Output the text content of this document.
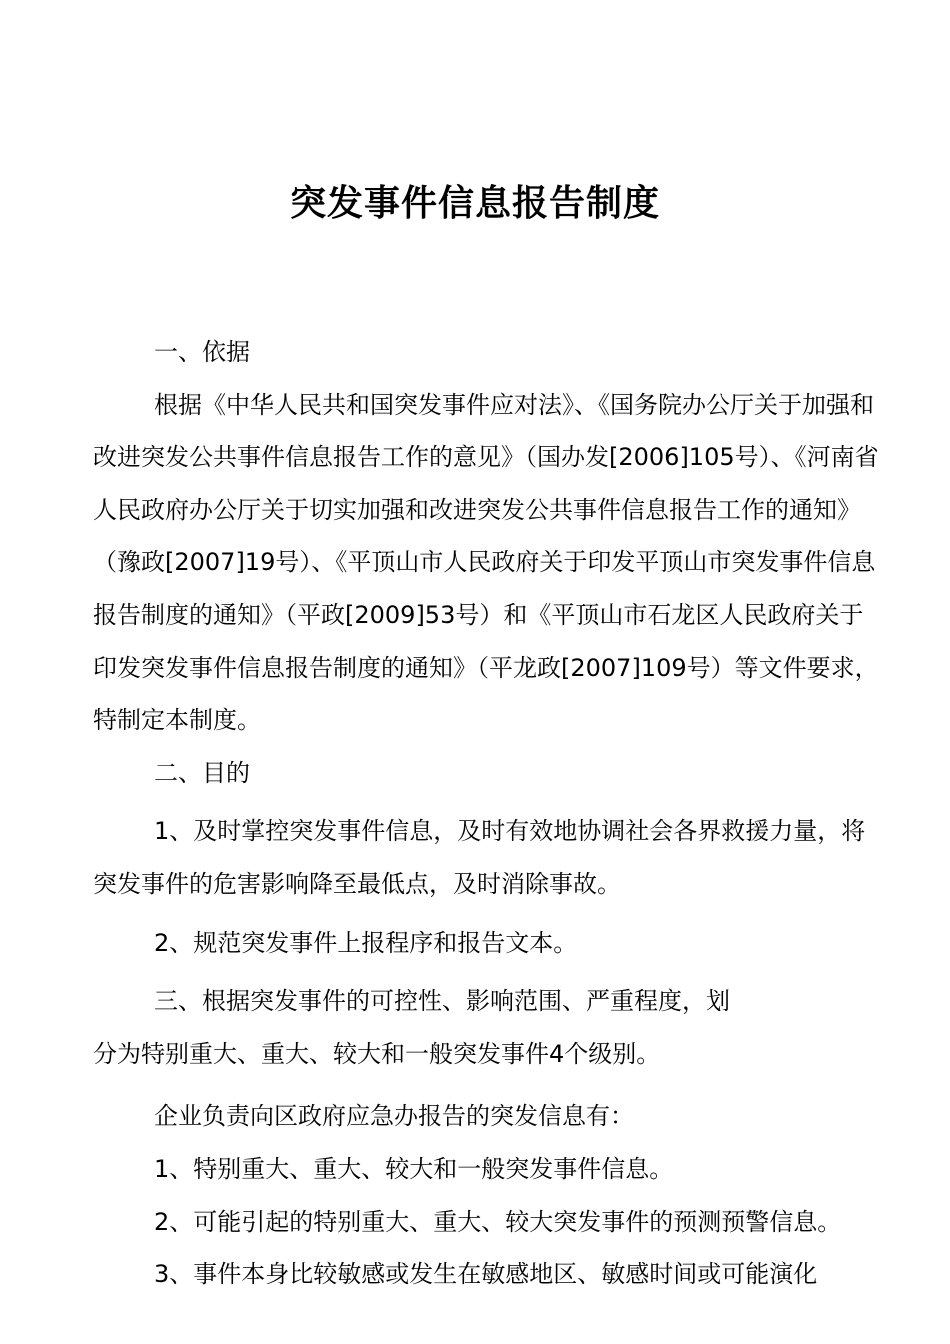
突发事件信息报告制度

一、依据

根据《中华人民共和国突发事件应对法》、《国务院办公厅关于加强和改进突发公共事件信息报告工作的意见》（国办发[2006]105号）、《河南省人民政府办公厅关于切实加强和改进突发公共事件信息报告工作的通知》（豫政[2007]19号）、《平顶山市人民政府关于印发平顶山市突发事件信息报告制度的通知》（平政[2009]53号）和《平顶山市石龙区人民政府关于印发突发事件信息报告制度的通知》（平龙政[2007]109号）等文件要求，特制定本制度。

二、目的

1、及时掌控突发事件信息，及时有效地协调社会各界救援力量，将突发事件的危害影响降至最低点，及时消除事故。

2、规范突发事件上报程序和报告文本。

三、根据突发事件的可控性、影响范围、严重程度，划

分为特别重大、重大、较大和一般突发事件4个级别。

企业负责向区政府应急办报告的突发信息有：

1、特别重大、重大、较大和一般突发事件信息。

2、可能引起的特别重大、重大、较大突发事件的预测预警信息。

3、事件本身比较敏感或发生在敏感地区、敏感时间或可能演化
